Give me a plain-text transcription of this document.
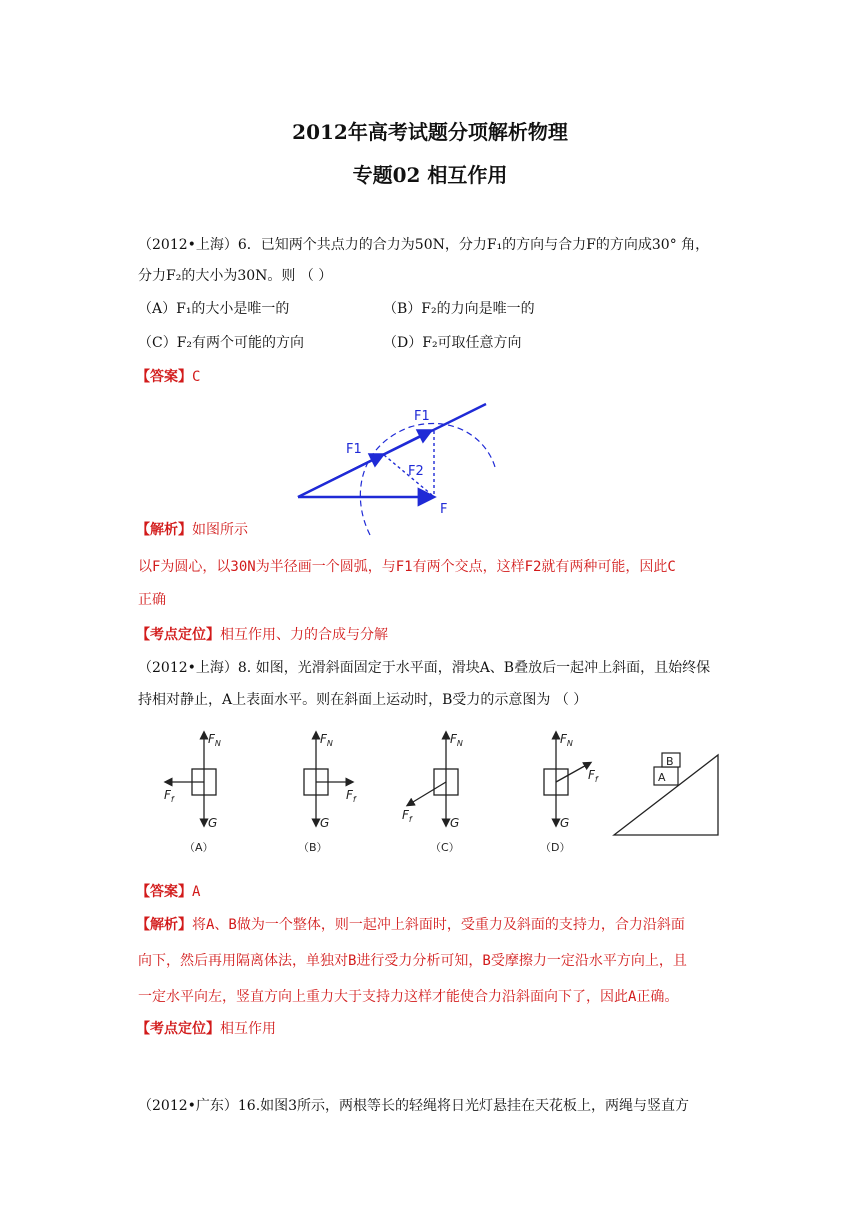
2012年高考试题分项解析物理
专题02 相互作用
（2012•上海）6．已知两个共点力的合力为50N，分力F₁的方向与合力F的方向成30° 角，
分力F₂的大小为30N。则 （ ）
（A）F₁的大小是唯一的	（B）F₂的力向是唯一的
（C）F₂有两个可能的方向	（D）F₂可取任意方向
【答案】C
F1
F1
F2
F
【解析】如图所示
以F为圆心，以30N为半径画一个圆弧，与F1有两个交点，这样F2就有两种可能，因此C
正确
【考点定位】相互作用、力的合成与分解
（2012•上海）8. 如图，光滑斜面固定于水平面，滑块A、B叠放后一起冲上斜面，且始终保
持相对静止，A上表面水平。则在斜面上运动时，B受力的示意图为 （ ）
$F_N$
$F_f$
G
（A）
$F_N$
$F_f$
G
（B）
$F_N$
$F_f$	G
（C）
$F_N$
$F_f$
G
（D）
A
B
【答案】A
【解析】将A、B做为一个整体，则一起冲上斜面时，受重力及斜面的支持力，合力沿斜面
向下，然后再用隔离体法，单独对B进行受力分析可知，B受摩擦力一定沿水平方向上，且
一定水平向左，竖直方向上重力大于支持力这样才能使合力沿斜面向下了，因此A正确。
【考点定位】相互作用
（2012•广东）16.如图3所示，两根等长的轻绳将日光灯悬挂在天花板上，两绳与竖直方
